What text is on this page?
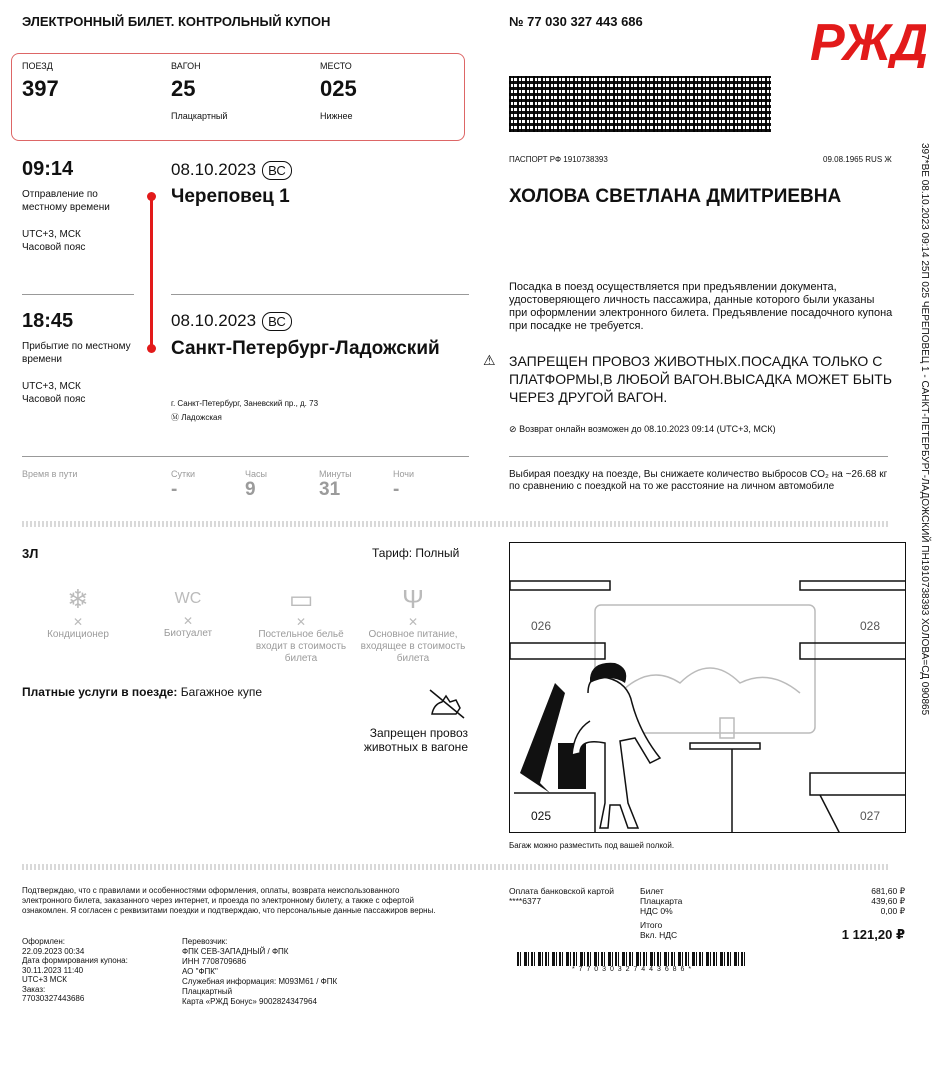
ЭЛЕКТРОННЫЙ БИЛЕТ. КОНТРОЛЬНЫЙ КУПОН	№ 77 030 327 443 686	РЖД
ПОЕЗД
397
ВАГОН
25
Плацкартный
МЕСТО
025
Нижнее
09:14
Отправление по местному времени
UTC+3, МСК
Часовой пояс
08.10.2023 ВС
Череповец 1
18:45
Прибытие по местному времени
UTC+3, МСК
Часовой пояс
08.10.2023 ВС
Санкт-Петербург-Ладожский
г. Санкт-Петербург, Заневский пр., д. 73
Ⓜ Ладожская
Время в пути	Сутки
-
Часы
9
Минуты
31
Ночи
-
ПАСПОРТ РФ 1910738393	09.08.1965 RUS Ж
ХОЛОВА СВЕТЛАНА ДМИТРИЕВНА
Посадка в поезд осуществляется при предъявлении документа, удостоверяющего личность пассажира, данные которого были указаны при оформлении электронного билета. Предъявление посадочного купона при посадке не требуется.
⚠ ЗАПРЕЩЕН ПРОВОЗ ЖИВОТНЫХ.ПОСАДКА ТОЛЬКО С ПЛАТФОРМЫ,В ЛЮБОЙ ВАГОН.ВЫСАДКА МОЖЕТ БЫТЬ ЧЕРЕЗ ДРУГОЙ ВАГОН.
⊘ Возврат онлайн возможен до 08.10.2023 09:14 (UTC+3, МСК)
Выбирая поездку на поезде, Вы снижаете количество выбросов CO₂ на ~26.68 кг по сравнению с поездкой на то же расстояние на личном автомобиле	397*ВЕ 08.10.2023 09:14 25П 025 ЧЕРЕПОВЕЦ 1 - САНКТ-ПЕТЕРБУРГ-ЛАДОЖСКИЙ ПН1910738393 ХОЛОВА=СД 090865
3Л	Тариф: Полный
❄
✕
Кондиционер
WC
✕
Биотуалет
▭
✕
Постельное бельё входит в стоимость билета
Ψ
✕
Основное питание, входящее в стоимость билета
Платные услуги в поезде: Багажное купе
Запрещен провоз животных в вагоне
026	028
025	027
Багаж можно разместить под вашей полкой.
Подтверждаю, что с правилами и особенностями оформления, оплаты, возврата неиспользованного электронного билета, заказанного через интернет, и проезда по электронному билету, а также с офертой ознакомлен. Я согласен с реквизитами поездки и подтверждаю, что персональные данные пассажиров верны.
Оформлен:
22.09.2023 00:34
Дата формирования купона:
30.11.2023 11:40
UTC+3 МСК
Заказ:
77030327443686
Перевозчик:
ФПК СЕВ-ЗАПАДНЫЙ / ФПК
ИНН 7708709686
АО "ФПК"
Служебная информация: М093М61 / ФПК
Плацкартный
Карта «РЖД Бонус» 9002824347964
Оплата банковской картой
****6377
Билет	681,60 ₽
Плацкарта	439,60 ₽
НДС 0%	0,00 ₽
Итого
Вкл. НДС	1 121,20 ₽
* 7 7 0 3 0 3 2 7 4 4 3 6 8 6 *
